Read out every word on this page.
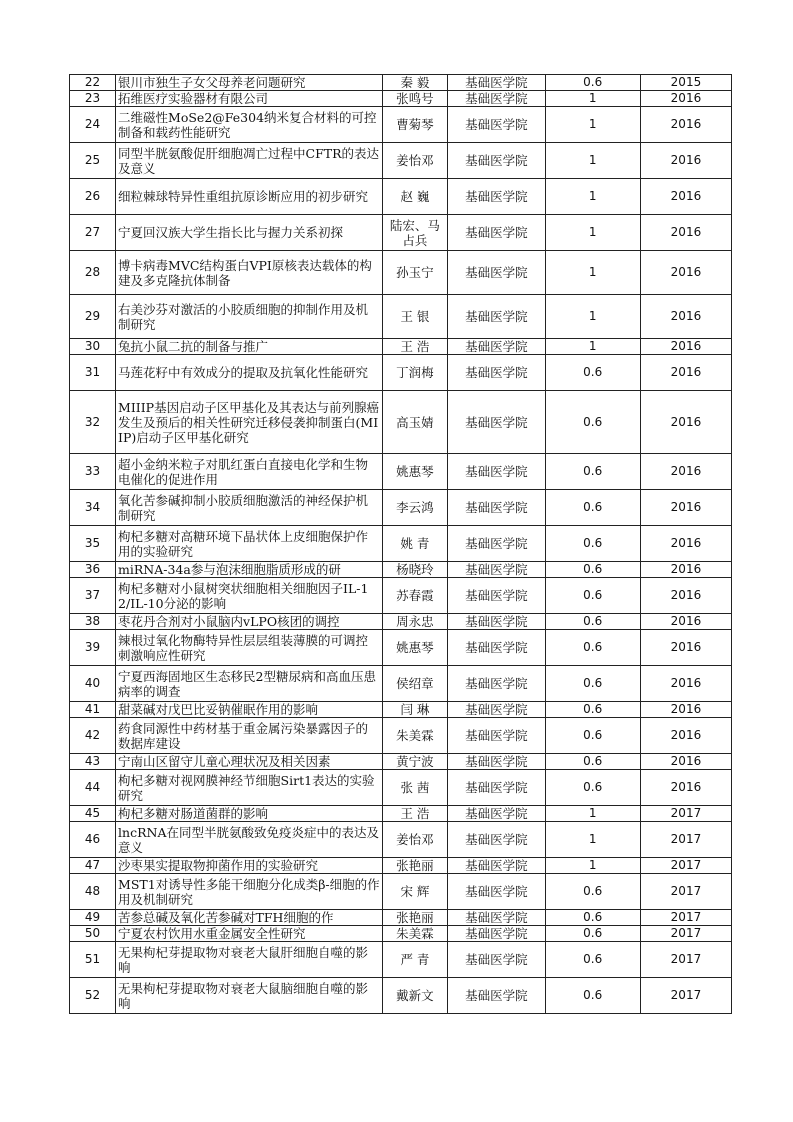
22	银川市独生子女父母养老问题研究	秦 毅	基础医学院	0.6	2015
23	拓维医疗实验器材有限公司	张鸣号	基础医学院	1	2016
24	二维磁性MoSe2@Fe304纳米复合材料的可控制备和载药性能研究	曹菊琴	基础医学院	1	2016
25	同型半胱氨酸促肝细胞凋亡过程中CFTR的表达及意义	姜怡邓	基础医学院	1	2016
26	细粒棘球特异性重组抗原诊断应用的初步研究	赵 巍	基础医学院	1	2016
27	宁夏回汉族大学生指长比与握力关系初探	陆宏、马占兵	基础医学院	1	2016
28	博卡病毒MVC结构蛋白VPI原核表达载体的构建及多克隆抗体制备	孙玉宁	基础医学院	1	2016
29	右美沙芬对激活的小胶质细胞的抑制作用及机制研究	王 银	基础医学院	1	2016
30	兔抗小鼠二抗的制备与推广	王 浩	基础医学院	1	2016
31	马莲花籽中有效成分的提取及抗氧化性能研究	丁润梅	基础医学院	0.6	2016
32	MIIIP基因启动子区甲基化及其表达与前列腺癌发生及预后的相关性研究迁移侵袭抑制蛋白(MIIP)启动子区甲基化研究	高玉婧	基础医学院	0.6	2016
33	超小金纳米粒子对肌红蛋白直接电化学和生物电催化的促进作用	姚惠琴	基础医学院	0.6	2016
34	氧化苦参碱抑制小胶质细胞激活的神经保护机制研究	李云鸿	基础医学院	0.6	2016
35	枸杞多糖对高糖环境下晶状体上皮细胞保护作用的实验研究	姚 青	基础医学院	0.6	2016
36	miRNA-34a参与泡沫细胞脂质形成的研	杨晓玲	基础医学院	0.6	2016
37	枸杞多糖对小鼠树突状细胞相关细胞因子IL-12/IL-10分泌的影响	苏春霞	基础医学院	0.6	2016
38	枣花丹合剂对小鼠脑内vLPO核团的调控	周永忠	基础医学院	0.6	2016
39	辣根过氧化物酶特异性层层组装薄膜的可调控刺激响应性研究	姚惠琴	基础医学院	0.6	2016
40	宁夏西海固地区生态移民2型糖尿病和高血压患病率的调查	侯绍章	基础医学院	0.6	2016
41	甜菜碱对戊巴比妥钠催眠作用的影响	闫 琳	基础医学院	0.6	2016
42	药食同源性中药材基于重金属污染暴露因子的数据库建设	朱美霖	基础医学院	0.6	2016
43	宁南山区留守儿童心理状况及相关因素	黄宁波	基础医学院	0.6	2016
44	枸杞多糖对视网膜神经节细胞Sirt1表达的实验研究	张 茜	基础医学院	0.6	2016
45	枸杞多糖对肠道菌群的影响	王 浩	基础医学院	1	2017
46	lncRNA在同型半胱氨酸致免疫炎症中的表达及意义	姜怡邓	基础医学院	1	2017
47	沙枣果实提取物抑菌作用的实验研究	张艳丽	基础医学院	1	2017
48	MST1对诱导性多能干细胞分化成类β-细胞的作用及机制研究	宋 辉	基础医学院	0.6	2017
49	苦参总碱及氧化苦参碱对TFH细胞的作	张艳丽	基础医学院	0.6	2017
50	宁夏农村饮用水重金属安全性研究	朱美霖	基础医学院	0.6	2017
51	无果枸杞芽提取物对衰老大鼠肝细胞自噬的影响	严 青	基础医学院	0.6	2017
52	无果枸杞芽提取物对衰老大鼠脑细胞自噬的影响	戴新文	基础医学院	0.6	2017
